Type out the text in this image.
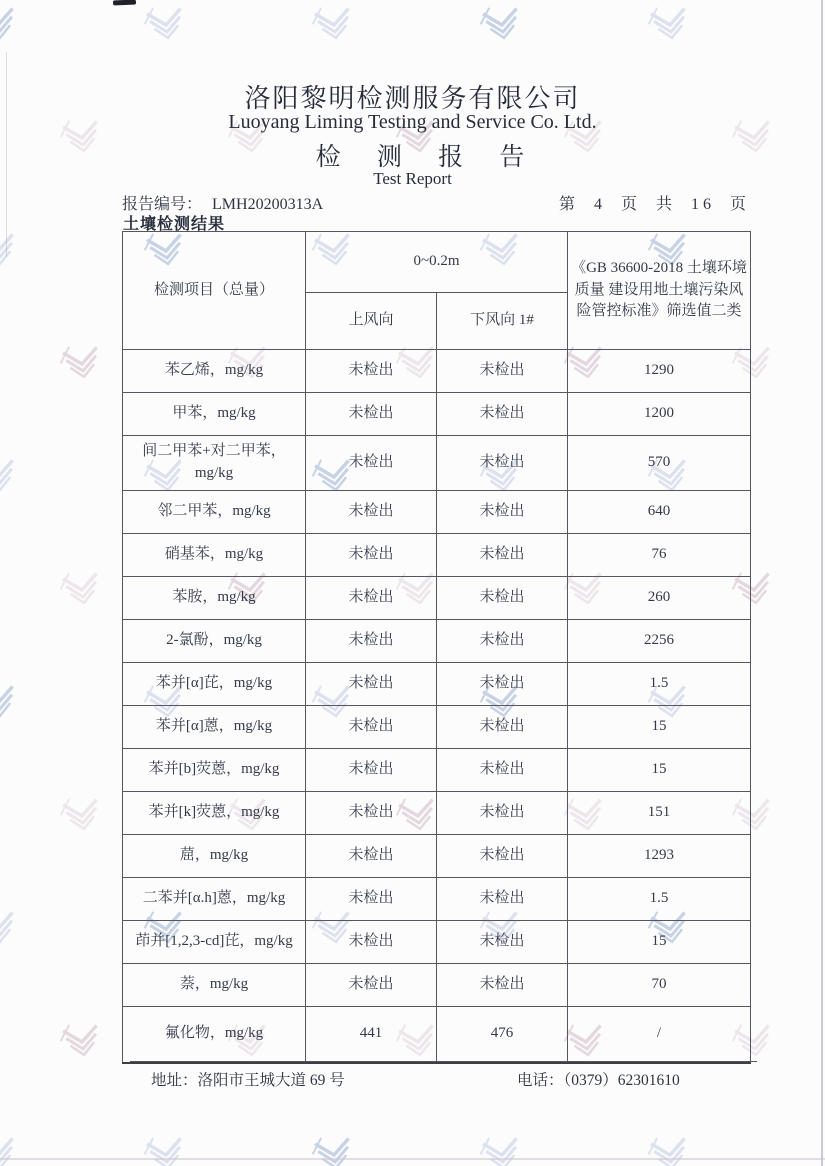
洛阳黎明检测服务有限公司
Luoyang Liming Testing and Service Co. Ltd.
检 测 报 告
Test Report
报告编号： LMH20200313A	第 4 页 共 16 页
土壤检测结果
检测项目（总量）	0~0.2m		《GB 36600-2018 土壤环境质量 建设用地土壤污染风险管控标准》筛选值二类
	上风向	下风向 1#	
苯乙烯，mg/kg	未检出	未检出	1290
甲苯，mg/kg	未检出	未检出	1200
间二甲苯+对二甲苯，mg/kg	未检出	未检出	570
邻二甲苯，mg/kg	未检出	未检出	640
硝基苯，mg/kg	未检出	未检出	76
苯胺，mg/kg	未检出	未检出	260
2-氯酚，mg/kg	未检出	未检出	2256
苯并[α]芘，mg/kg	未检出	未检出	1.5
苯并[α]蒽，mg/kg	未检出	未检出	15
苯并[b]荧蒽，mg/kg	未检出	未检出	15
苯并[k]荧蒽，mg/kg	未检出	未检出	151
䓛，mg/kg	未检出	未检出	1293
二苯并[α.h]蒽，mg/kg	未检出	未检出	1.5
茚并[1,2,3-cd]芘，mg/kg	未检出	未检出	15
萘，mg/kg	未检出	未检出	70
氟化物，mg/kg	441	476	/
地址：洛阳市王城大道 69 号	电话：（0379）62301610
